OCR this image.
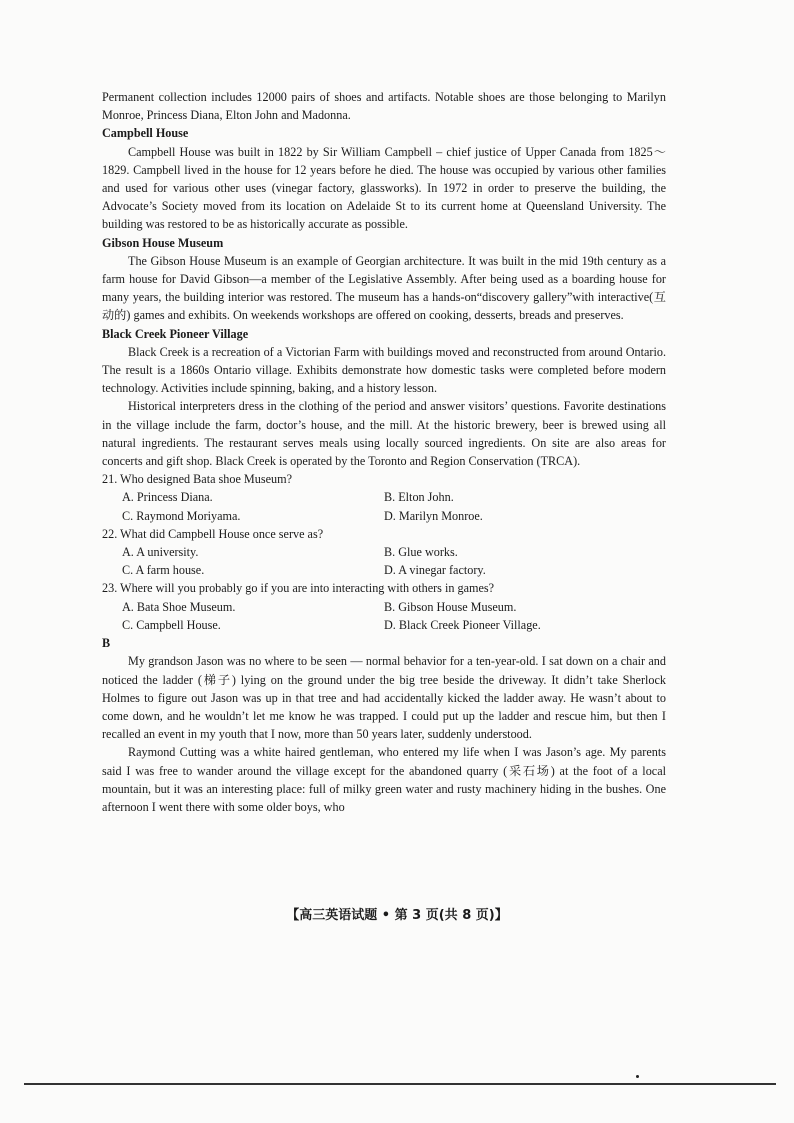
Permanent collection includes 12000 pairs of shoes and artifacts. Notable shoes are those belonging to Marilyn Monroe, Princess Diana, Elton John and Madonna.

Campbell House

Campbell House was built in 1822 by Sir William Campbell – chief justice of Upper Canada from 1825～1829. Campbell lived in the house for 12 years before he died. The house was occupied by various other families and used for various other uses (vinegar factory, glassworks). In 1972 in order to preserve the building, the Advocate’s Society moved from its location on Adelaide St to its current home at Queensland University. The building was restored to be as historically accurate as possible.

Gibson House Museum

The Gibson House Museum is an example of Georgian architecture. It was built in the mid 19th century as a farm house for David Gibson—a member of the Legislative Assembly. After being used as a boarding house for many years, the building interior was restored. The museum has a hands-on“discovery gallery”with interactive(互动的) games and exhibits. On weekends workshops are offered on cooking, desserts, breads and preserves.

Black Creek Pioneer Village

Black Creek is a recreation of a Victorian Farm with buildings moved and reconstructed from around Ontario. The result is a 1860s Ontario village. Exhibits demonstrate how domestic tasks were completed before modern technology. Activities include spinning, baking, and a history lesson.

Historical interpreters dress in the clothing of the period and answer visitors’ questions. Favorite destinations in the village include the farm, doctor’s house, and the mill. At the historic brewery, beer is brewed using all natural ingredients. The restaurant serves meals using locally sourced ingredients. On site are also areas for concerts and gift shop. Black Creek is operated by the Toronto and Region Conservation (TRCA).

21. Who designed Bata shoe Museum?

A. Princess Diana.	B. Elton John.
C. Raymond Moriyama.	D. Marilyn Monroe.

22. What did Campbell House once serve as?

A. A university.	B. Glue works.
C. A farm house.	D. A vinegar factory.

23. Where will you probably go if you are into interacting with others in games?

A. Bata Shoe Museum.	B. Gibson House Museum.
C. Campbell House.	D. Black Creek Pioneer Village.

B

My grandson Jason was no where to be seen — normal behavior for a ten-year-old. I sat down on a chair and noticed the ladder (梯子) lying on the ground under the big tree beside the driveway. It didn’t take Sherlock Holmes to figure out Jason was up in that tree and had accidentally kicked the ladder away. He wasn’t about to come down, and he wouldn’t let me know he was trapped. I could put up the ladder and rescue him, but then I recalled an event in my youth that I now, more than 50 years later, suddenly understood.

Raymond Cutting was a white haired gentleman, who entered my life when I was Jason’s age. My parents said I was free to wander around the village except for the abandoned quarry (采石场) at the foot of a local mountain, but it was an interesting place: full of milky green water and rusty machinery hiding in the bushes. One afternoon I went there with some older boys, who

【高三英语试题 • 第 3 页(共 8 页)】
